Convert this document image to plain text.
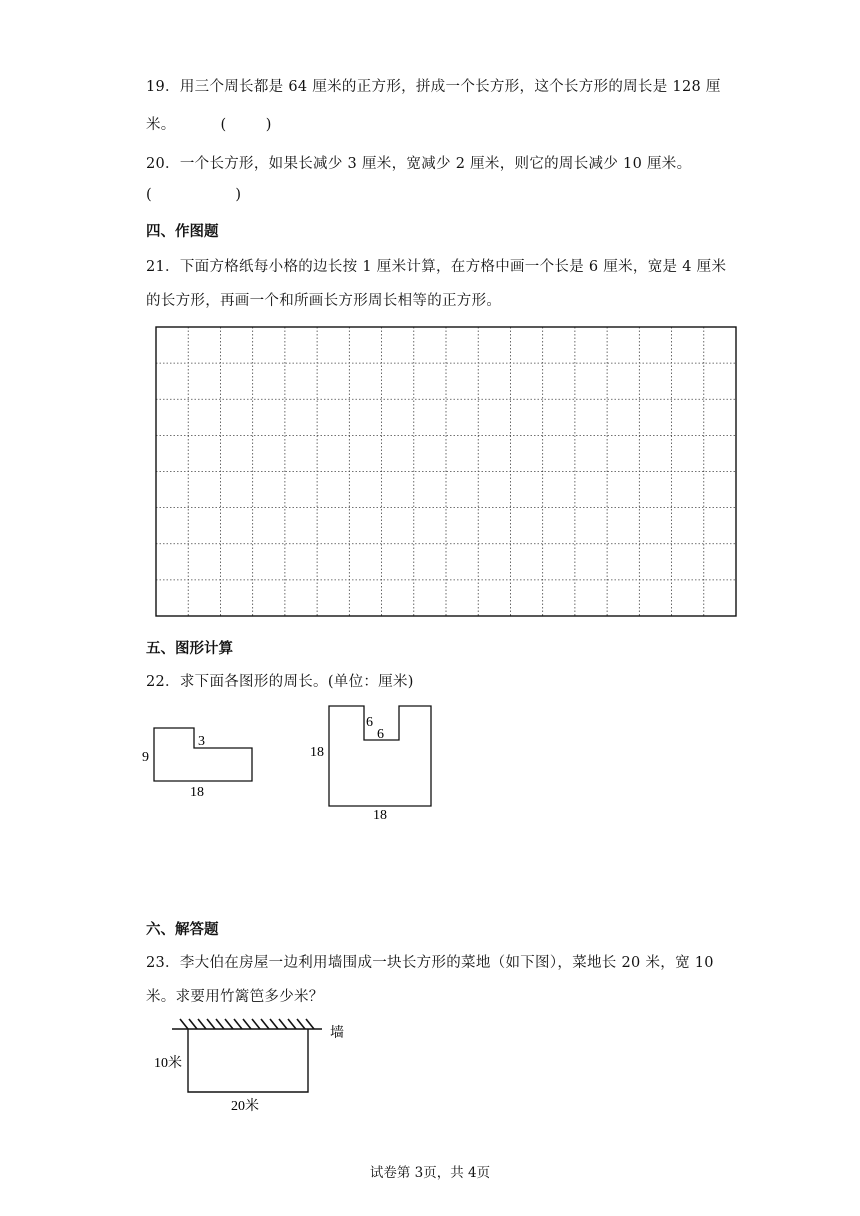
19．用三个周长都是 64 厘米的正方形，拼成一个长方形，这个长方形的周长是 128 厘
米。	(        )
20．一个长方形，如果长减少 3 厘米，宽减少 2 厘米，则它的周长减少 10 厘米。
(                 )
四、作图题
21．下面方格纸每小格的边长按 1 厘米计算，在方格中画一个长是 6 厘米，宽是 4 厘米
的长方形，再画一个和所画长方形周长相等的正方形。
五、图形计算
22．求下面各图形的周长。(单位：厘米)
9
3
18
18
6
6
18
六、解答题
23．李大伯在房屋一边利用墙围成一块长方形的菜地（如下图），菜地长 20 米，宽 10
米。求要用竹篱笆多少米？
墙
10米
20米
试卷第 3页，共 4页
